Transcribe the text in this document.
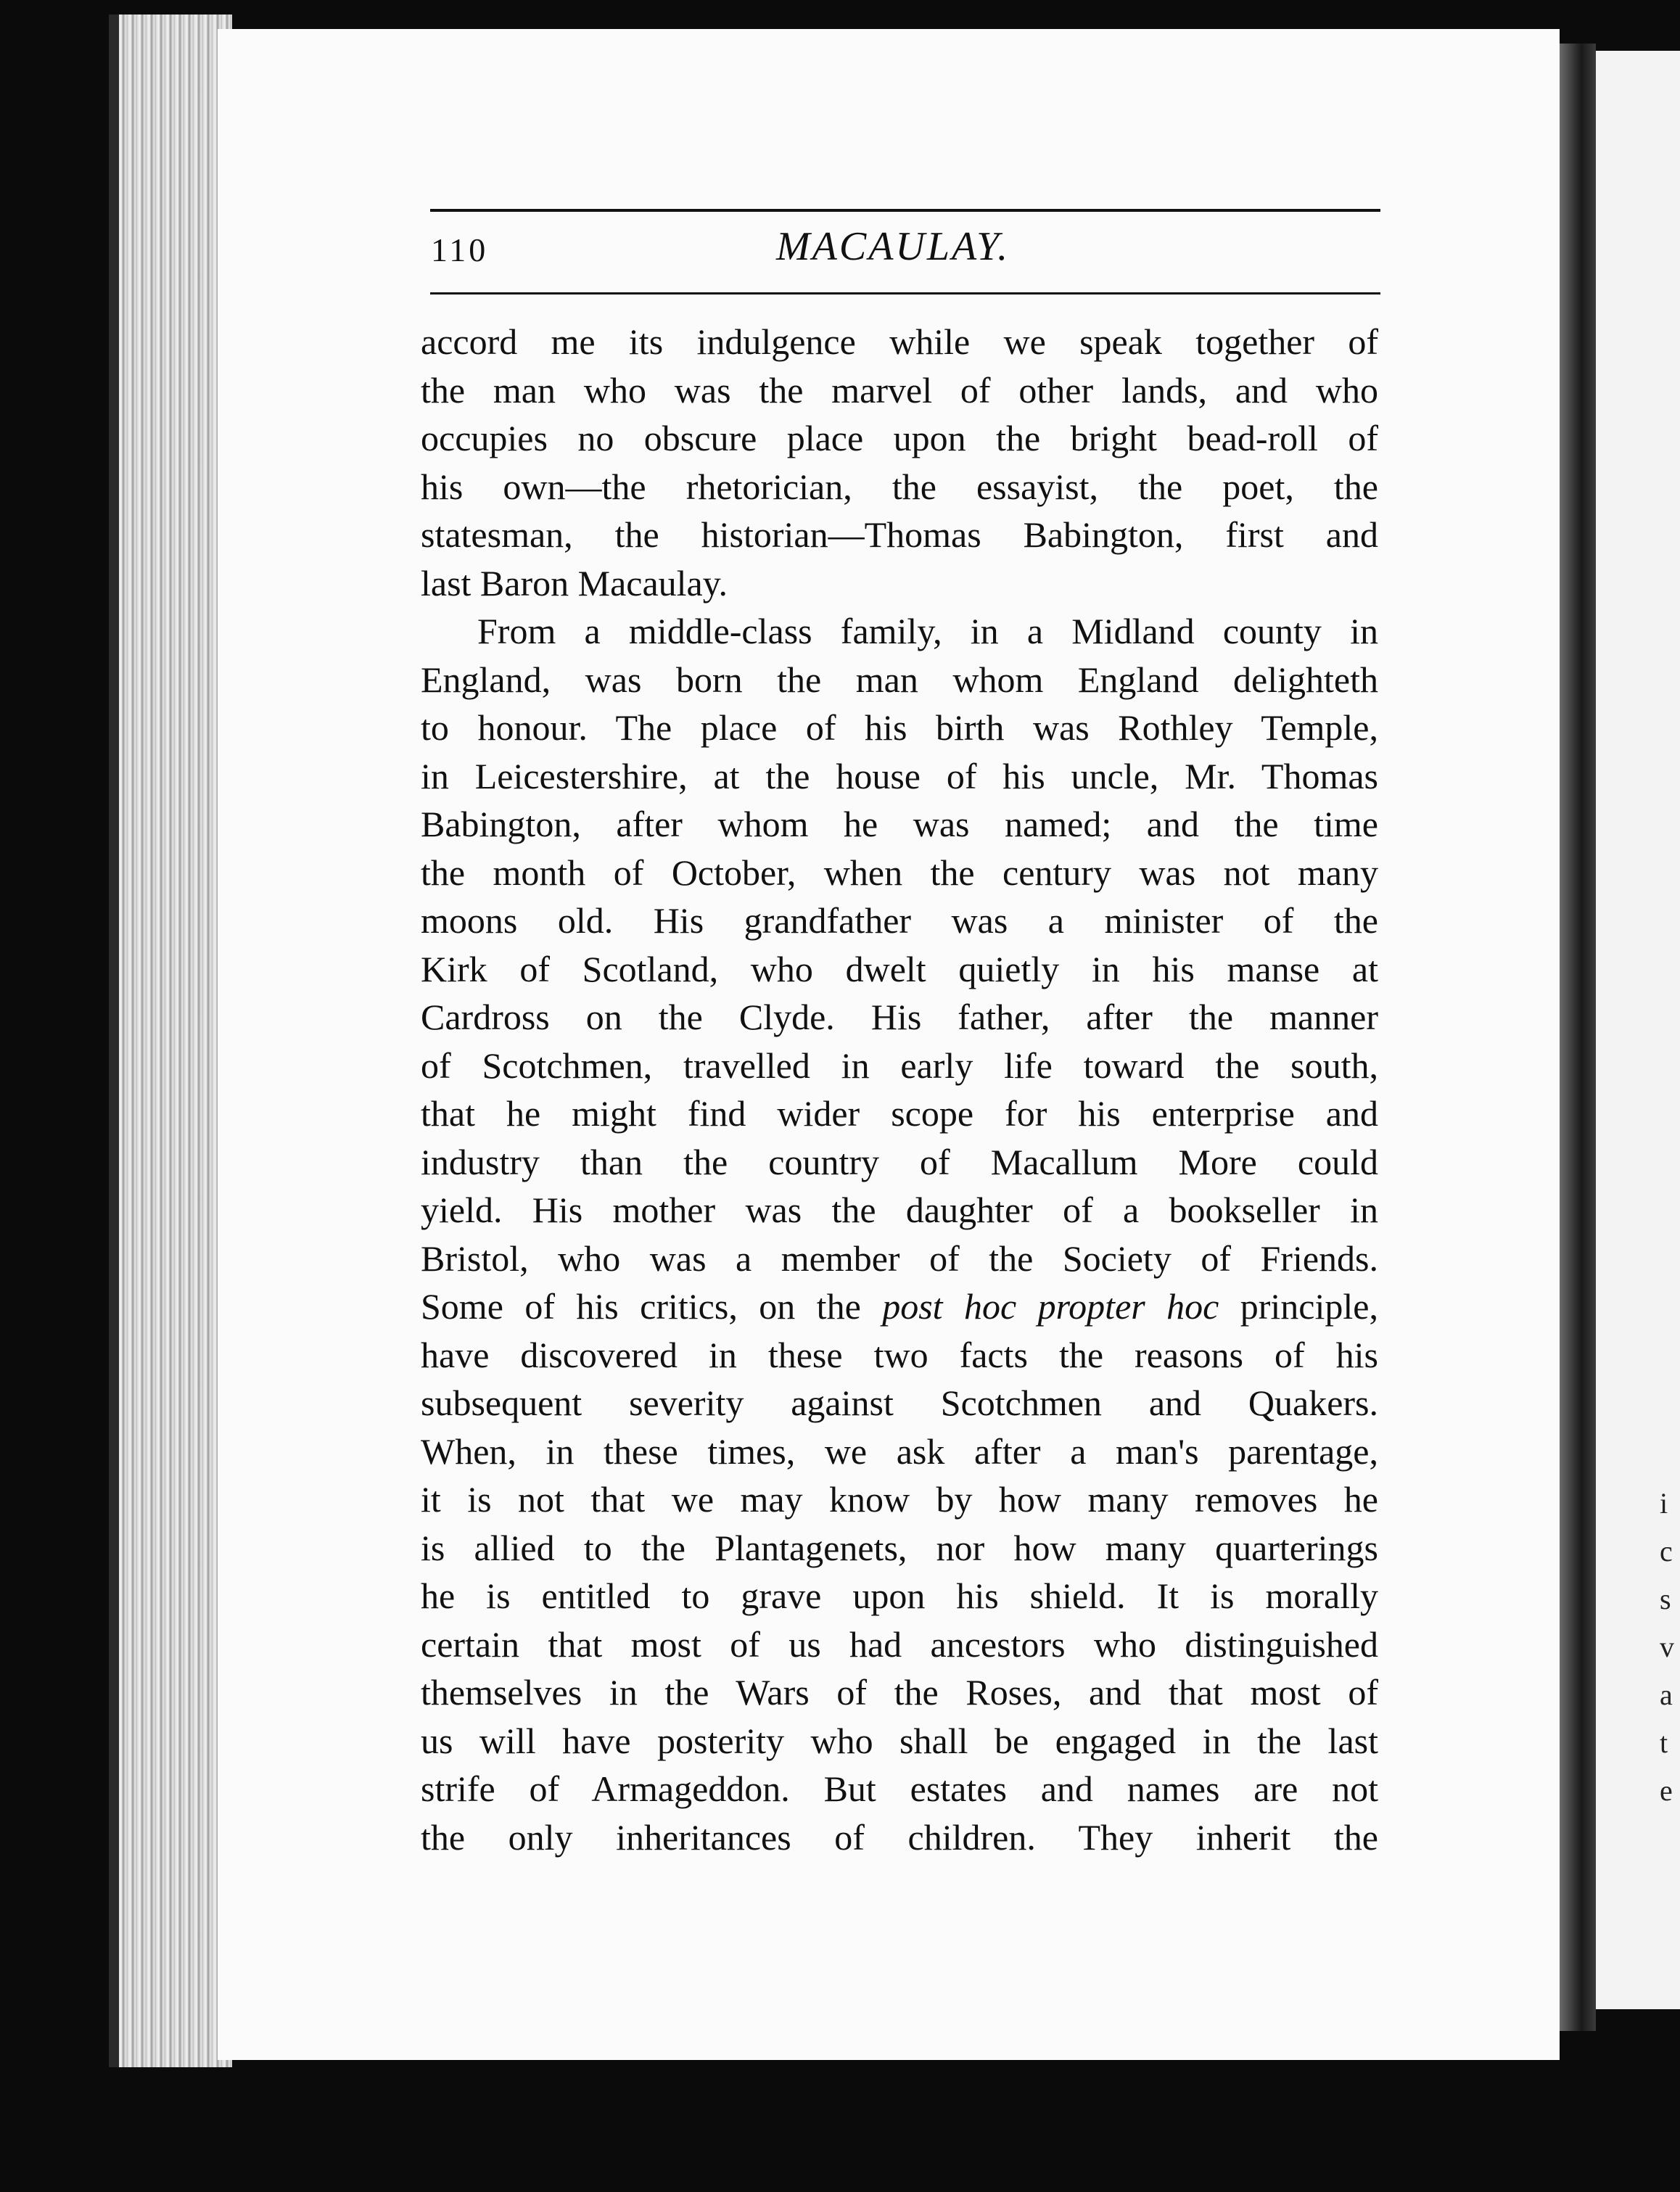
i
c
s
v
a
t
e
110	MACAULAY.
accord me its indulgence while we speak together of
the man who was the marvel of other lands, and who
occupies no obscure place upon the bright bead-roll of
his own—the rhetorician, the essayist, the poet, the
statesman, the historian—Thomas Babington, first and
last Baron Macaulay.
From a middle-class family, in a Midland county in
England, was born the man whom England delighteth
to honour. The place of his birth was Rothley Temple,
in Leicestershire, at the house of his uncle, Mr. Thomas
Babington, after whom he was named; and the time
the month of October, when the century was not many
moons old. His grandfather was a minister of the
Kirk of Scotland, who dwelt quietly in his manse at
Cardross on the Clyde. His father, after the manner
of Scotchmen, travelled in early life toward the south,
that he might find wider scope for his enterprise and
industry than the country of Macallum More could
yield. His mother was the daughter of a bookseller in
Bristol, who was a member of the Society of Friends.
Some of his critics, on the post hoc propter hoc principle,
have discovered in these two facts the reasons of his
subsequent severity against Scotchmen and Quakers.
When, in these times, we ask after a man's parentage,
it is not that we may know by how many removes he
is allied to the Plantagenets, nor how many quarterings
he is entitled to grave upon his shield. It is morally
certain that most of us had ancestors who distinguished
themselves in the Wars of the Roses, and that most of
us will have posterity who shall be engaged in the last
strife of Armageddon. But estates and names are not
the only inheritances of children. They inherit the
